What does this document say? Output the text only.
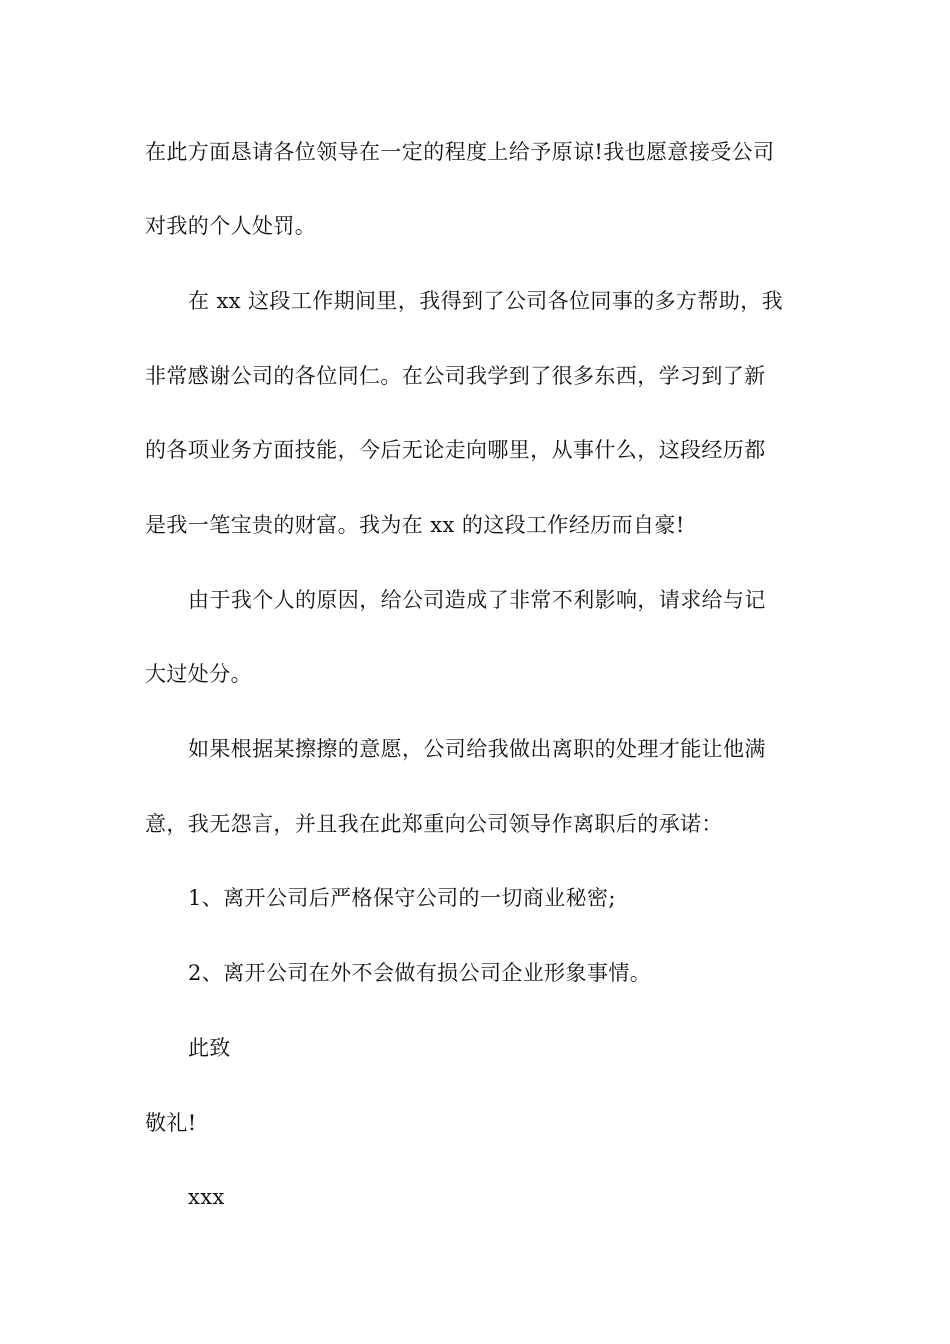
在此方面恳请各位领导在一定的程度上给予原谅!我也愿意接受公司
对我的个人处罚。
在 xx 这段工作期间里，我得到了公司各位同事的多方帮助，我
非常感谢公司的各位同仁。在公司我学到了很多东西，学习到了新
的各项业务方面技能，今后无论走向哪里，从事什么，这段经历都
是我一笔宝贵的财富。我为在 xx 的这段工作经历而自豪!
由于我个人的原因，给公司造成了非常不利影响，请求给与记
大过处分。
如果根据某擦擦的意愿，公司给我做出离职的处理才能让他满
意，我无怨言，并且我在此郑重向公司领导作离职后的承诺：
1、离开公司后严格保守公司的一切商业秘密;
2、离开公司在外不会做有损公司企业形象事情。
此致
敬礼!
xxx
